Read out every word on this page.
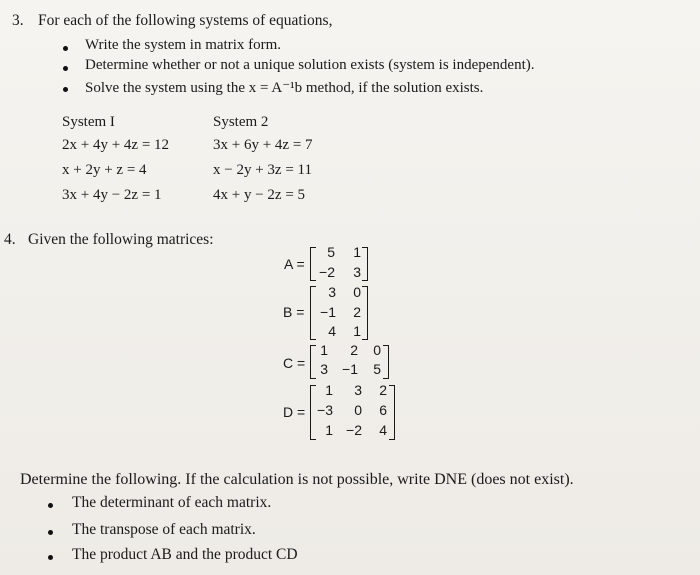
3. For each of the following systems of equations,
Write the system in matrix form.
Determine whether or not a unique solution exists (system is independent).
Solve the system using the x = A⁻¹b method, if the solution exists.
System I
2x + 4y + 4z = 12
x + 2y + z = 4
3x + 4y − 2z = 1
System 2
3x + 6y + 4z = 7
x − 2y + 3z = 11
4x + y − 2z = 5
4. Given the following matrices:
A =
5	1
−2	3
B =
3	0
−1	2
4	1
C =
1	2	0
3	−1	5
D =
1	3	2
−3	0	6
1 −2	4
Determine the following. If the calculation is not possible, write DNE (does not exist).
The determinant of each matrix.
The transpose of each matrix.
The product AB and the product CD
